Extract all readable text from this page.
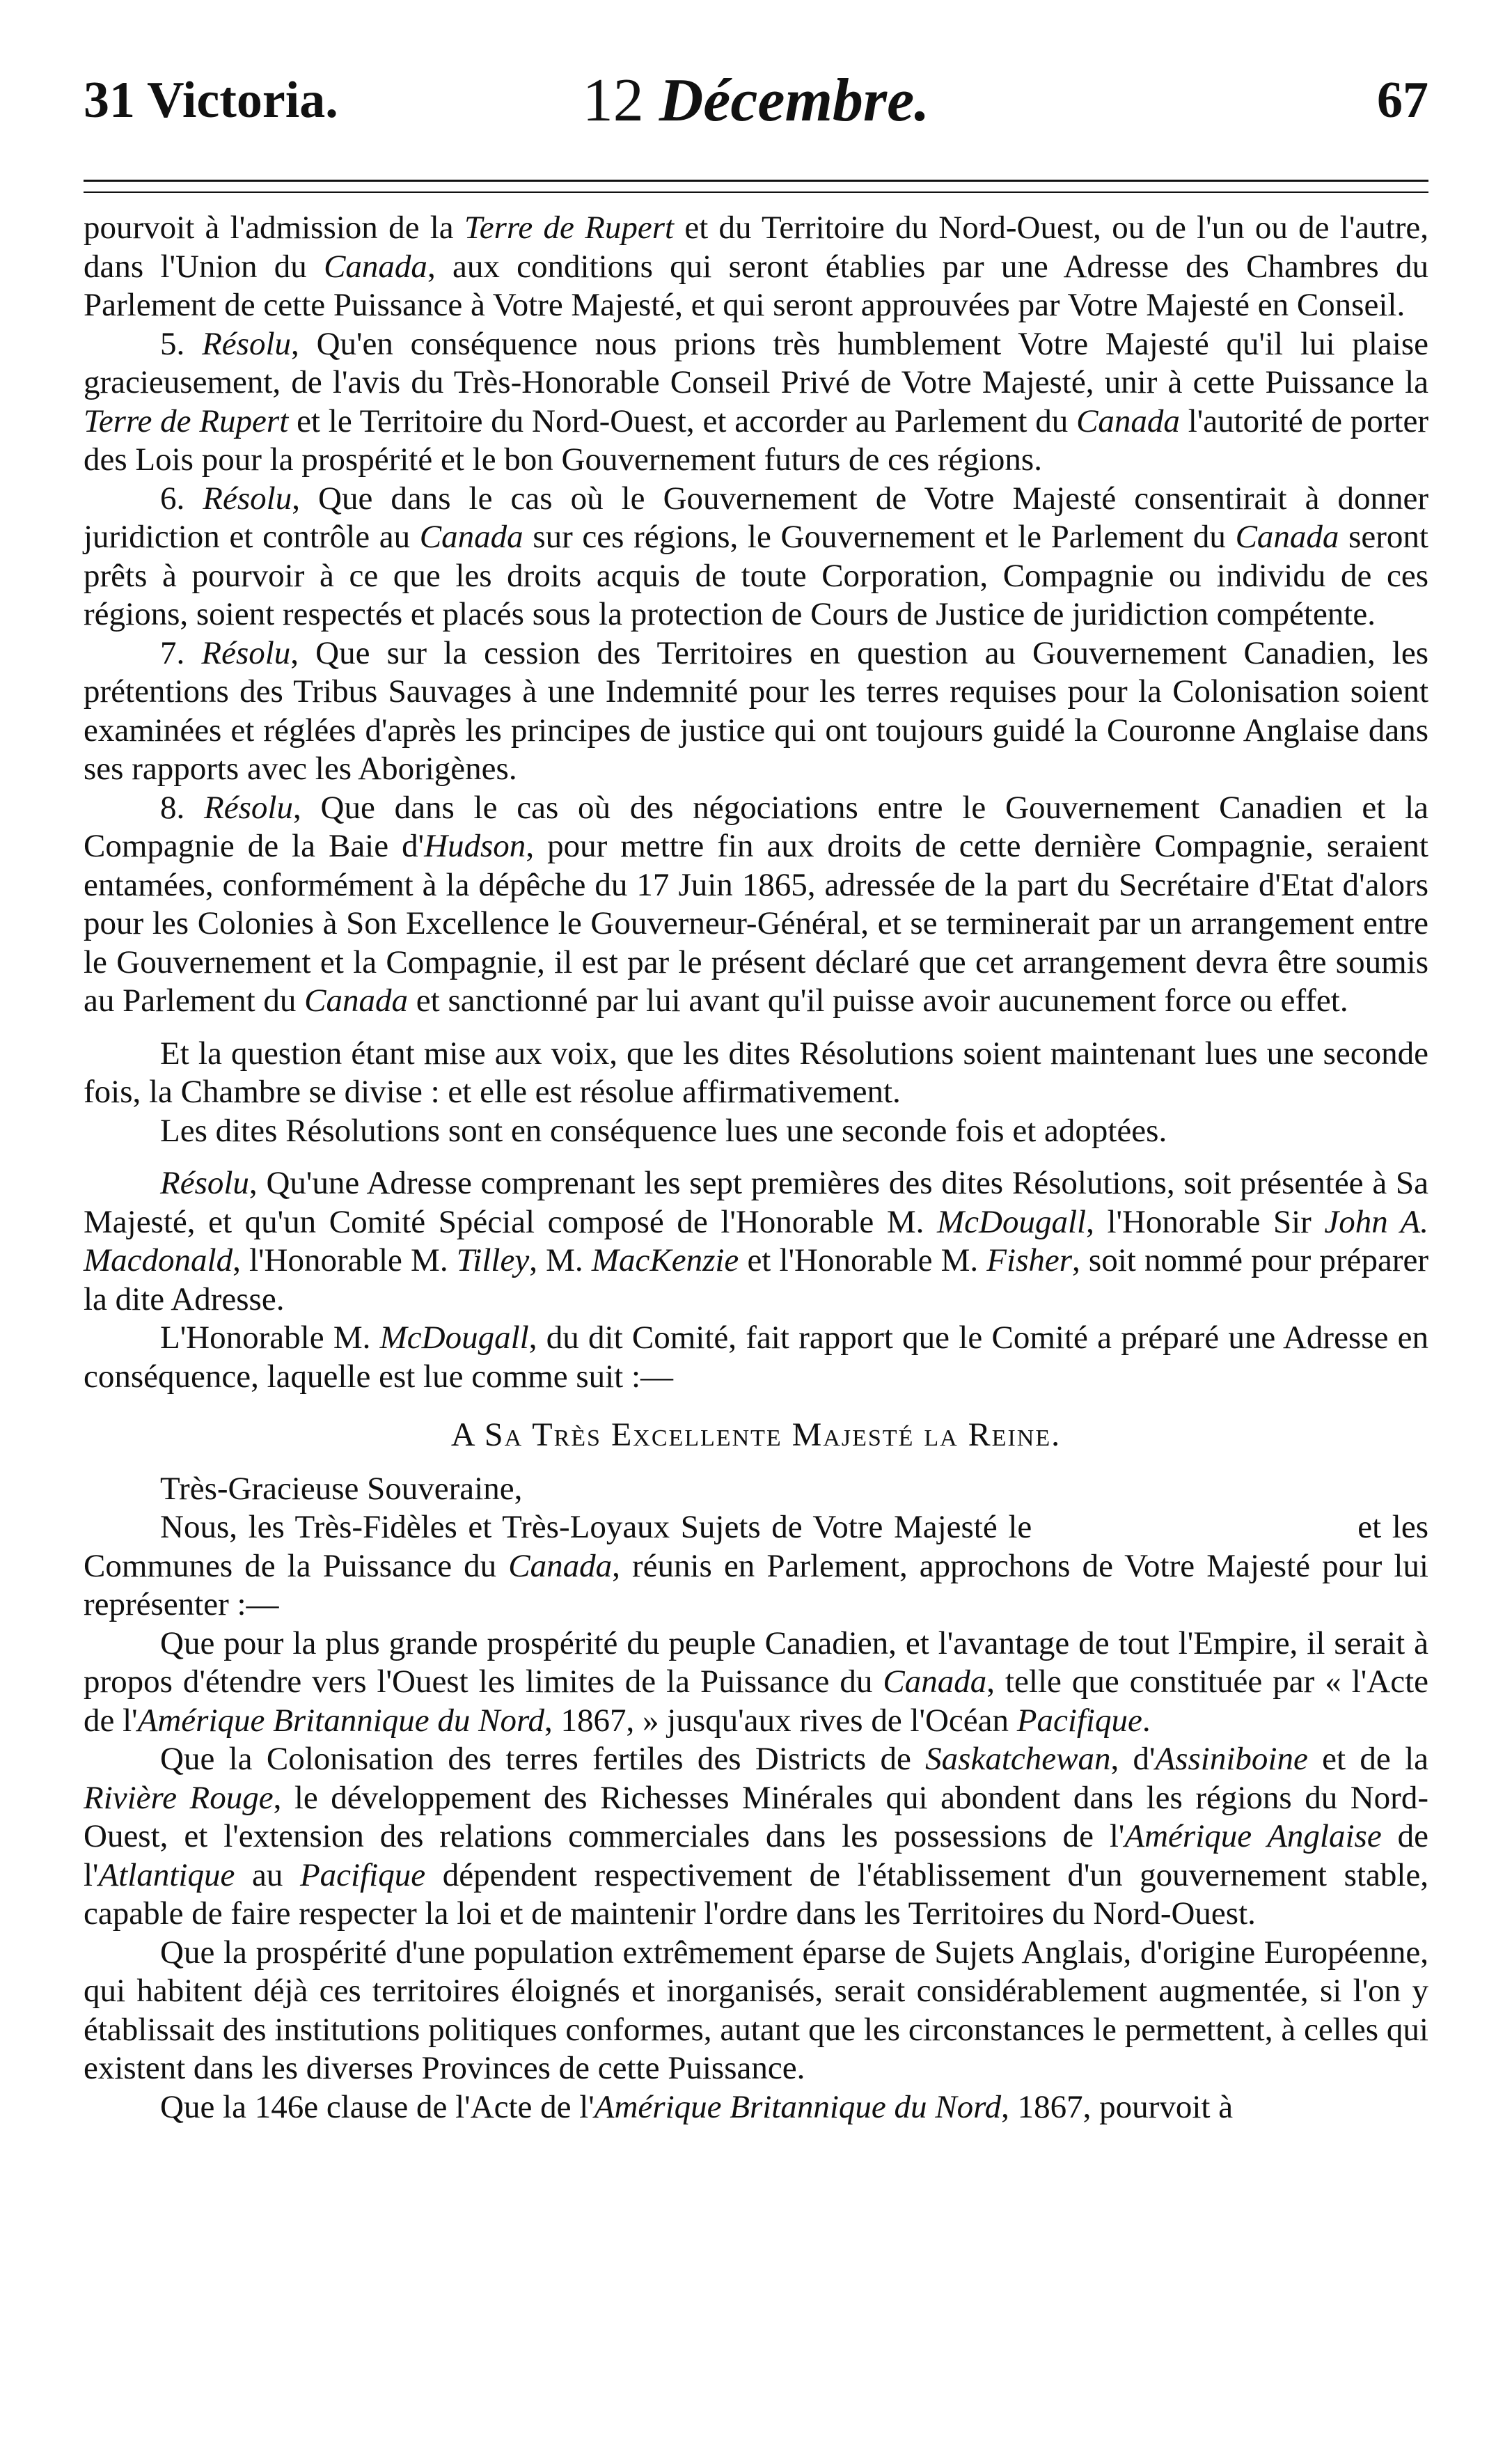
31 Victoria.	12 Décembre.	67

pourvoit à l'admission de la Terre de Rupert et du Territoire du Nord-Ouest, ou de l'un ou de l'autre, dans l'Union du Canada, aux conditions qui seront établies par une Adresse des Chambres du Parlement de cette Puissance à Votre Majesté, et qui seront approuvées par Votre Majesté en Conseil.

5. Résolu, Qu'en conséquence nous prions très humblement Votre Majesté qu'il lui plaise gracieusement, de l'avis du Très-Honorable Conseil Privé de Votre Majesté, unir à cette Puissance la Terre de Rupert et le Territoire du Nord-Ouest, et accorder au Parlement du Canada l'autorité de porter des Lois pour la prospérité et le bon Gouvernement futurs de ces régions.

6. Résolu, Que dans le cas où le Gouvernement de Votre Majesté consentirait à donner juridiction et contrôle au Canada sur ces régions, le Gouvernement et le Parlement du Canada seront prêts à pourvoir à ce que les droits acquis de toute Corporation, Compagnie ou individu de ces régions, soient respectés et placés sous la protection de Cours de Justice de juridiction compétente.

7. Résolu, Que sur la cession des Territoires en question au Gouvernement Canadien, les prétentions des Tribus Sauvages à une Indemnité pour les terres requises pour la Colonisation soient examinées et réglées d'après les principes de justice qui ont toujours guidé la Couronne Anglaise dans ses rapports avec les Aborigènes.

8. Résolu, Que dans le cas où des négociations entre le Gouvernement Canadien et la Compagnie de la Baie d'Hudson, pour mettre fin aux droits de cette dernière Compagnie, seraient entamées, conformément à la dépêche du 17 Juin 1865, adressée de la part du Secrétaire d'Etat d'alors pour les Colonies à Son Excellence le Gouverneur-Général, et se terminerait par un arrangement entre le Gouvernement et la Compagnie, il est par le présent déclaré que cet arrangement devra être soumis au Parlement du Canada et sanctionné par lui avant qu'il puisse avoir aucunement force ou effet.

Et la question étant mise aux voix, que les dites Résolutions soient maintenant lues une seconde fois, la Chambre se divise : et elle est résolue affirmativement.

Les dites Résolutions sont en conséquence lues une seconde fois et adoptées.

Résolu, Qu'une Adresse comprenant les sept premières des dites Résolutions, soit présentée à Sa Majesté, et qu'un Comité Spécial composé de l'Honorable M. McDougall, l'Honorable Sir John A. Macdonald, l'Honorable M. Tilley, M. MacKenzie et l'Honorable M. Fisher, soit nommé pour préparer la dite Adresse.

L'Honorable M. McDougall, du dit Comité, fait rapport que le Comité a préparé une Adresse en conséquence, laquelle est lue comme suit :—

A Sa Très Excellente Majesté la Reine.

Très-Gracieuse Souveraine,

Nous, les Très-Fidèles et Très-Loyaux Sujets de Votre Majesté le                              et les Communes de la Puissance du Canada, réunis en Parlement, approchons de Votre Majesté pour lui représenter :—

Que pour la plus grande prospérité du peuple Canadien, et l'avantage de tout l'Empire, il serait à propos d'étendre vers l'Ouest les limites de la Puissance du Canada, telle que constituée par « l'Acte de l'Amérique Britannique du Nord, 1867, » jusqu'aux rives de l'Océan Pacifique.

Que la Colonisation des terres fertiles des Districts de Saskatchewan, d'Assiniboine et de la Rivière Rouge, le développement des Richesses Minérales qui abondent dans les régions du Nord-Ouest, et l'extension des relations commerciales dans les possessions de l'Amérique Anglaise de l'Atlantique au Pacifique dépendent respectivement de l'établissement d'un gouvernement stable, capable de faire respecter la loi et de maintenir l'ordre dans les Territoires du Nord-Ouest.

Que la prospérité d'une population extrêmement éparse de Sujets Anglais, d'origine Européenne, qui habitent déjà ces territoires éloignés et inorganisés, serait considérablement augmentée, si l'on y établissait des institutions politiques conformes, autant que les circonstances le permettent, à celles qui existent dans les diverses Provinces de cette Puissance.

Que la 146e clause de l'Acte de l'Amérique Britannique du Nord, 1867, pourvoit à
